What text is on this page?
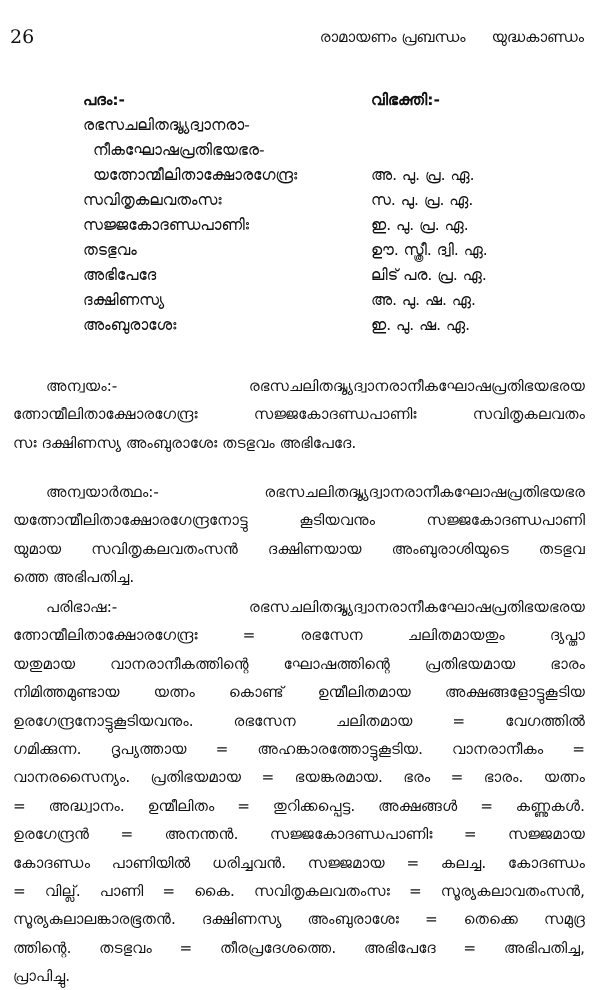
26	രാമായണം പ്രബന്ധം യുദ്ധകാണ്ഡം
പദം:-	വിഭക്തി:-
രഭസചലിതദ്യ്പ്യദ്വാനരാ-
നീകഘോഷപ്രതിഭയഭര-
യത്നോന്മീലിതാക്ഷോരഗേന്ദ്രഃ	അ. പു. പ്ര. ഏ.
സവിതൃകലവതംസഃ	സ. പു. പ്ര. ഏ.
സജ്ജകോദണ്ഡപാണിഃ	ഇ. പു. പ്ര. ഏ.
തടഭുവം	ഊ. സ്ത്രീ. ദ്വി. ഏ.
അഭിപേദേ	ലിട് പര. പ്ര. ഏ.
ദക്ഷിണസ്യ	അ. പു. ഷ. ഏ.
അംബുരാശേഃ	ഇ. പു. ഷ. ഏ.
അന്വയം:- രഭസചലിതദ്യ്പ്യദ്വാനരാനീകഘോഷപ്രതിഭയഭരയ
ത്നോന്മീലിതാക്ഷോരഗേന്ദ്രഃ സജ്ജകോദണ്ഡപാണിഃ സവിതൃകലവതം
സഃ ദക്ഷിണസ്യ അംബുരാശേഃ തടഭുവം അഭിപേദേ.
അന്വയാർത്ഥം:- രഭസചലിതദ്യ്പ്യദ്വാനരാനീകഘോഷപ്രതിഭയഭര
യത്നോന്മീലിതാക്ഷോരഗേന്ദ്രനോട്ടു കൂടിയവനും സജ്ജകോദണ്ഡപാണി
യുമായ സവിതൃകലവതംസൻ ദക്ഷിണയായ അംബുരാശിയുടെ തടഭുവ
ത്തെ അഭിപതിച്ച.
പരിഭാഷ:- രഭസചലിതദ്യ്പ്യദ്വാനരാനീകഘോഷപ്രതിഭയഭരയ
ത്നോന്മീലിതാക്ഷോരഗേന്ദ്രഃ = രഭസേന ചലിതമായതും ദ്യപ്താ
യതുമായ വാനരാനീകത്തിന്റെ ഘോഷത്തിന്റെ പ്രതിഭയമായ ഭാരം
നിമിത്തമുണ്ടായ യത്നം കൊണ്ട് ഉന്മീലിതമായ അക്ഷങ്ങളോട്ടുകൂടിയ
ഉരഗേന്ദ്രനോട്ടുകൂടിയവനും. രഭസേന ചലിതമായ = വേഗത്തിൽ
ഗമിക്കുന്ന. ദൃപ്യത്തായ = അഹങ്കാരത്തോട്ടുകൂടിയ. വാനരാനീകം =
വാനരസൈന്യം. പ്രതിഭയമായ = ഭയങ്കരമായ. ഭരം = ഭാരം. യത്നം
= അദ്ധ്വാനം. ഉന്മീലിതം = തുറിക്കപ്പെട്ട. അക്ഷങ്ങൾ = കണ്ണുകൾ.
ഉരഗേന്ദ്രൻ = അനന്തൻ. സജ്ജകോദണ്ഡപാണിഃ = സജ്ജമായ
കോദണ്ഡം പാണിയിൽ ധരിച്ചവൻ. സജ്ജമായ = കലച്ച. കോദണ്ഡം
= വില്ല്. പാണി = കൈ. സവിതൃകലവതംസഃ = സൂര്യകലാവതംസൻ,
സൂര്യകുലാലങ്കാരഭൂതൻ. ദക്ഷിണസ്യ അംബുരാശേഃ = തെക്കെ സമുദ്ര
ത്തിന്റെ. തടഭുവം = തീരപ്രദേശത്തെ. അഭിപേദേ = അഭിപതിച്ച,
പ്രാപിച്ചു.
